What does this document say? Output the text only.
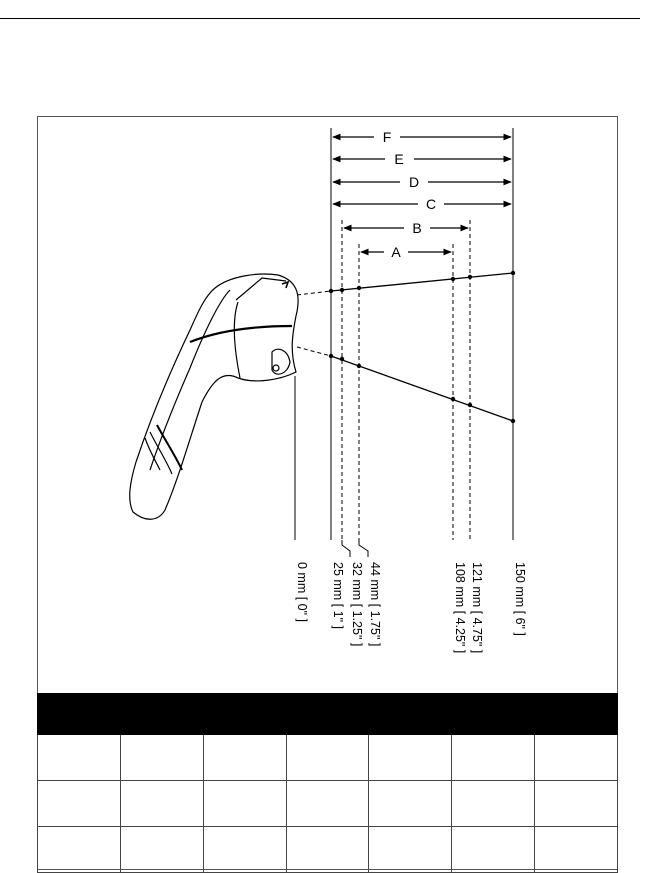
F
E
D
C
B
A
0 mm [ 0" ] 25 mm [ 1" ] 32 mm [ 1.25" ] 44 mm [ 1.75" ]	108 mm [ 4.25" ] 121 mm [ 4.75" ] 150 mm [ 6" ]
